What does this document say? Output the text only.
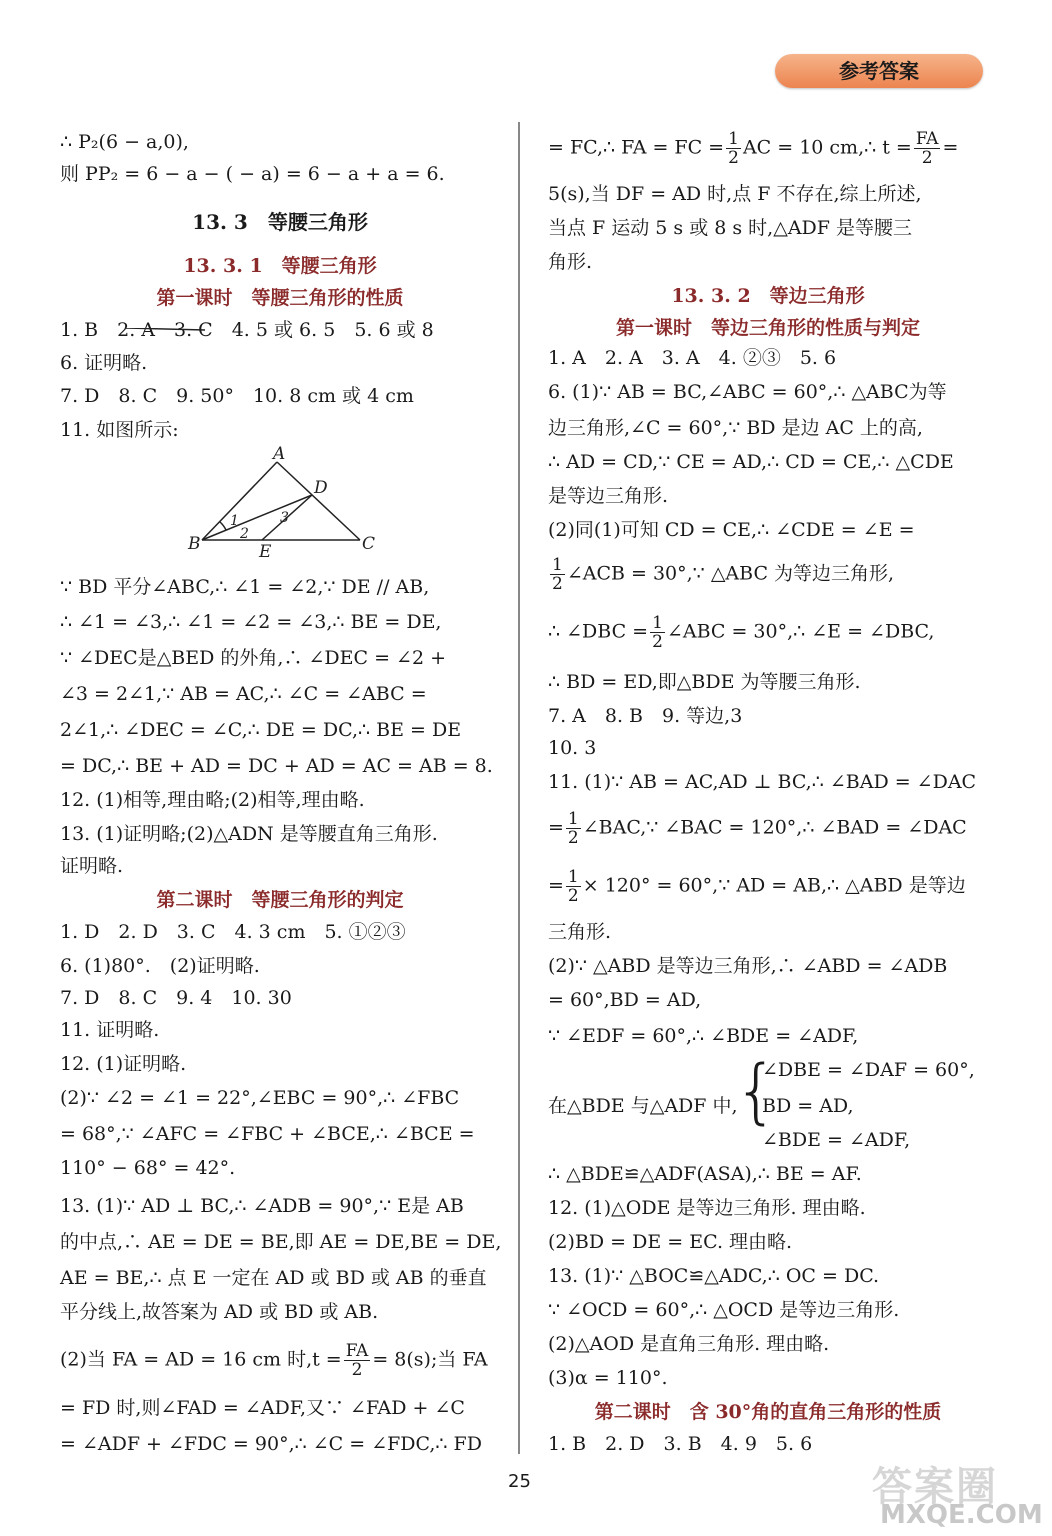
参考答案
∴ P₂(6 − a,0),
则 PP₂ = 6 − a − ( − a) = 6 − a + a = 6.
13. 3　等腰三角形
13. 3. 1　等腰三角形
第一课时　等腰三角形的性质
1. B　2. A　3. C　4. 5 或 6. 5　5. 6 或 8
6. 证明略.
7. D　8. C　9. 50°　10. 8 cm 或 4 cm
11. 如图所示:
∵ BD 平分∠ABC,∴ ∠1 = ∠2,∵ DE // AB,
∴ ∠1 = ∠3,∴ ∠1 = ∠2 = ∠3,∴ BE = DE,
∵ ∠DEC是△BED 的外角,∴ ∠DEC = ∠2 +
∠3 = 2∠1,∵ AB = AC,∴ ∠C = ∠ABC =
2∠1,∴ ∠DEC = ∠C,∴ DE = DC,∴ BE = DE
= DC,∴ BE + AD = DC + AD = AC = AB = 8.
12. (1)相等,理由略;(2)相等,理由略.
13. (1)证明略;(2)△ADN 是等腰直角三角形.
证明略.
第二课时　等腰三角形的判定
1. D　2. D　3. C　4. 3 cm　5. ①②③
6. (1)80°.　(2)证明略.
7. D　8. C　9. 4　10. 30
11. 证明略.
12. (1)证明略.
(2)∵ ∠2 = ∠1 = 22°,∠EBC = 90°,∴ ∠FBC
= 68°,∵ ∠AFC = ∠FBC + ∠BCE,∴ ∠BCE =
110° − 68° = 42°.
13. (1)∵ AD ⊥ BC,∴ ∠ADB = 90°,∵ E是 AB
的中点,∴ AE = DE = BE,即 AE = DE,BE = DE,
AE = BE,∴ 点 E 一定在 AD 或 BD 或 AB 的垂直
平分线上,故答案为 AD 或 BD 或 AB.
(2)当 FA = AD = 16 cm 时$,t = \frac{FA}{2} = 8(s)$;当 FA
= FD 时,则∠FAD = ∠ADF,又∵ ∠FAD + ∠C
= ∠ADF + ∠FDC = 90°,∴ ∠C = ∠FDC,∴ FD
A
B	C
D
E
1
2
3
= FC,∴ FA = FC = $\frac{1}{2}$ AC = 10 cm,∴ $t = \frac{FA}{2}$ =
5(s),当 DF = AD 时,点 F 不存在,综上所述,
当点 F 运动 5 s 或 8 s 时,△ADF 是等腰三
角形.
13. 3. 2　等边三角形
第一课时　等边三角形的性质与判定
1. A　2. A　3. A　4. ②③　5. 6
6. (1)∵ AB = BC,∠ABC = 60°,∴ △ABC为等
边三角形,∠C = 60°,∵ BD 是边 AC 上的高,
∴ AD = CD,∵ CE = AD,∴ CD = CE,∴ △CDE
是等边三角形.
(2)同(1)可知 CD = CE,∴ ∠CDE = ∠E =
$\frac{1}{2}$ ∠ACB = 30°,∵ △ABC 为等边三角形,
∴ ∠DBC = $\frac{1}{2}$ ∠ABC = 30°,∴ ∠E = ∠DBC,
∴ BD = ED,即△BDE 为等腰三角形.
7. A　8. B　9. 等边,3
10. 3
11. (1)∵ AB = AC,AD ⊥ BC,∴ ∠BAD = ∠DAC
= $\frac{1}{2}$ ∠BAC,∵ ∠BAC = 120°,∴ ∠BAD = ∠DAC
= $\frac{1}{2} \times 120^\circ$ = 60°,∵ AD = AB,∴ △ABD 是等边
三角形.
(2)∵ △ABD 是等边三角形,∴ ∠ABD = ∠ADB
= 60°,BD = AD,
∵ ∠EDF = 60°,∴ ∠BDE = ∠ADF,
在△BDE 与△ADF 中,
{
∠DBE = ∠DAF = 60°,
BD = AD,
∠BDE = ∠ADF,
∴ △BDE≌△ADF(ASA),∴ BE = AF.
12. (1)△ODE 是等边三角形. 理由略.
(2)BD = DE = EC. 理由略.
13. (1)∵ △BOC≌△ADC,∴ OC = DC.
∵ ∠OCD = 60°,∴ △OCD 是等边三角形.
(2)△AOD 是直角三角形. 理由略.
(3)α = 110°.
第二课时　含 30°角的直角三角形的性质
1. B　2. D　3. B　4. 9　5. 6
25	答案圈
MXQE.COM
